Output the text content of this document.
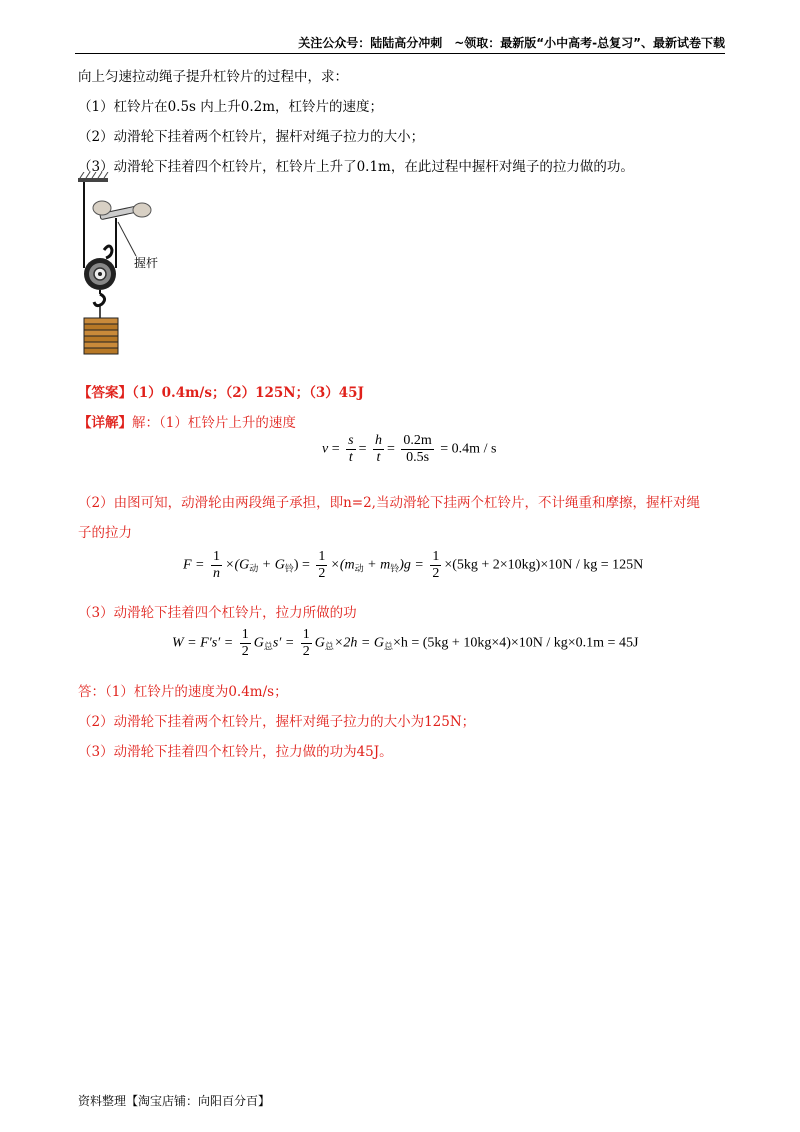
关注公众号：陆陆高分冲刺　~领取：最新版“小中高考-总复习”、最新试卷下载
向上匀速拉动绳子提升杠铃片的过程中，求：
（1）杠铃片在0.5s 内上升0.2m，杠铃片的速度；
（2）动滑轮下挂着两个杠铃片，握杆对绳子拉力的大小；
（3）动滑轮下挂着四个杠铃片，杠铃片上升了0.1m，在此过程中握杆对绳子的拉力做的功。
握杆
【答案】（1）0.4m/s；（2）125N；（3）45J
【详解】解：（1）杠铃片上升的速度
$v = \frac{s}{t} = \frac{h}{t} = \frac{0.2m}{0.5s} = 0.4m / s$
（2）由图可知，动滑轮由两段绳子承担，即n=2,当动滑轮下挂两个杠铃片，不计绳重和摩擦，握杆对绳
子的拉力
$F = \frac{1}{n} \times(G_动 + G_铃) = \frac{1}{2} \times(m_动 + m_铃)g = \frac{1}{2} \times(5kg + 2\times 10kg)\times 10N$ / kg = 125N
（3）动滑轮下挂着四个杠铃片，拉力所做的功
$W = F's' = \frac{1}{2} G_总s' = \frac{1}{2} G_总\times 2h = G_总\times h = (5kg + 10kg\times 4)\times 10N / kg\times 0.1m = 45J$
答：（1）杠铃片的速度为0.4m/s；
（2）动滑轮下挂着两个杠铃片，握杆对绳子拉力的大小为125N；
（3）动滑轮下挂着四个杠铃片，拉力做的功为45J。
资料整理【淘宝店铺：向阳百分百】
